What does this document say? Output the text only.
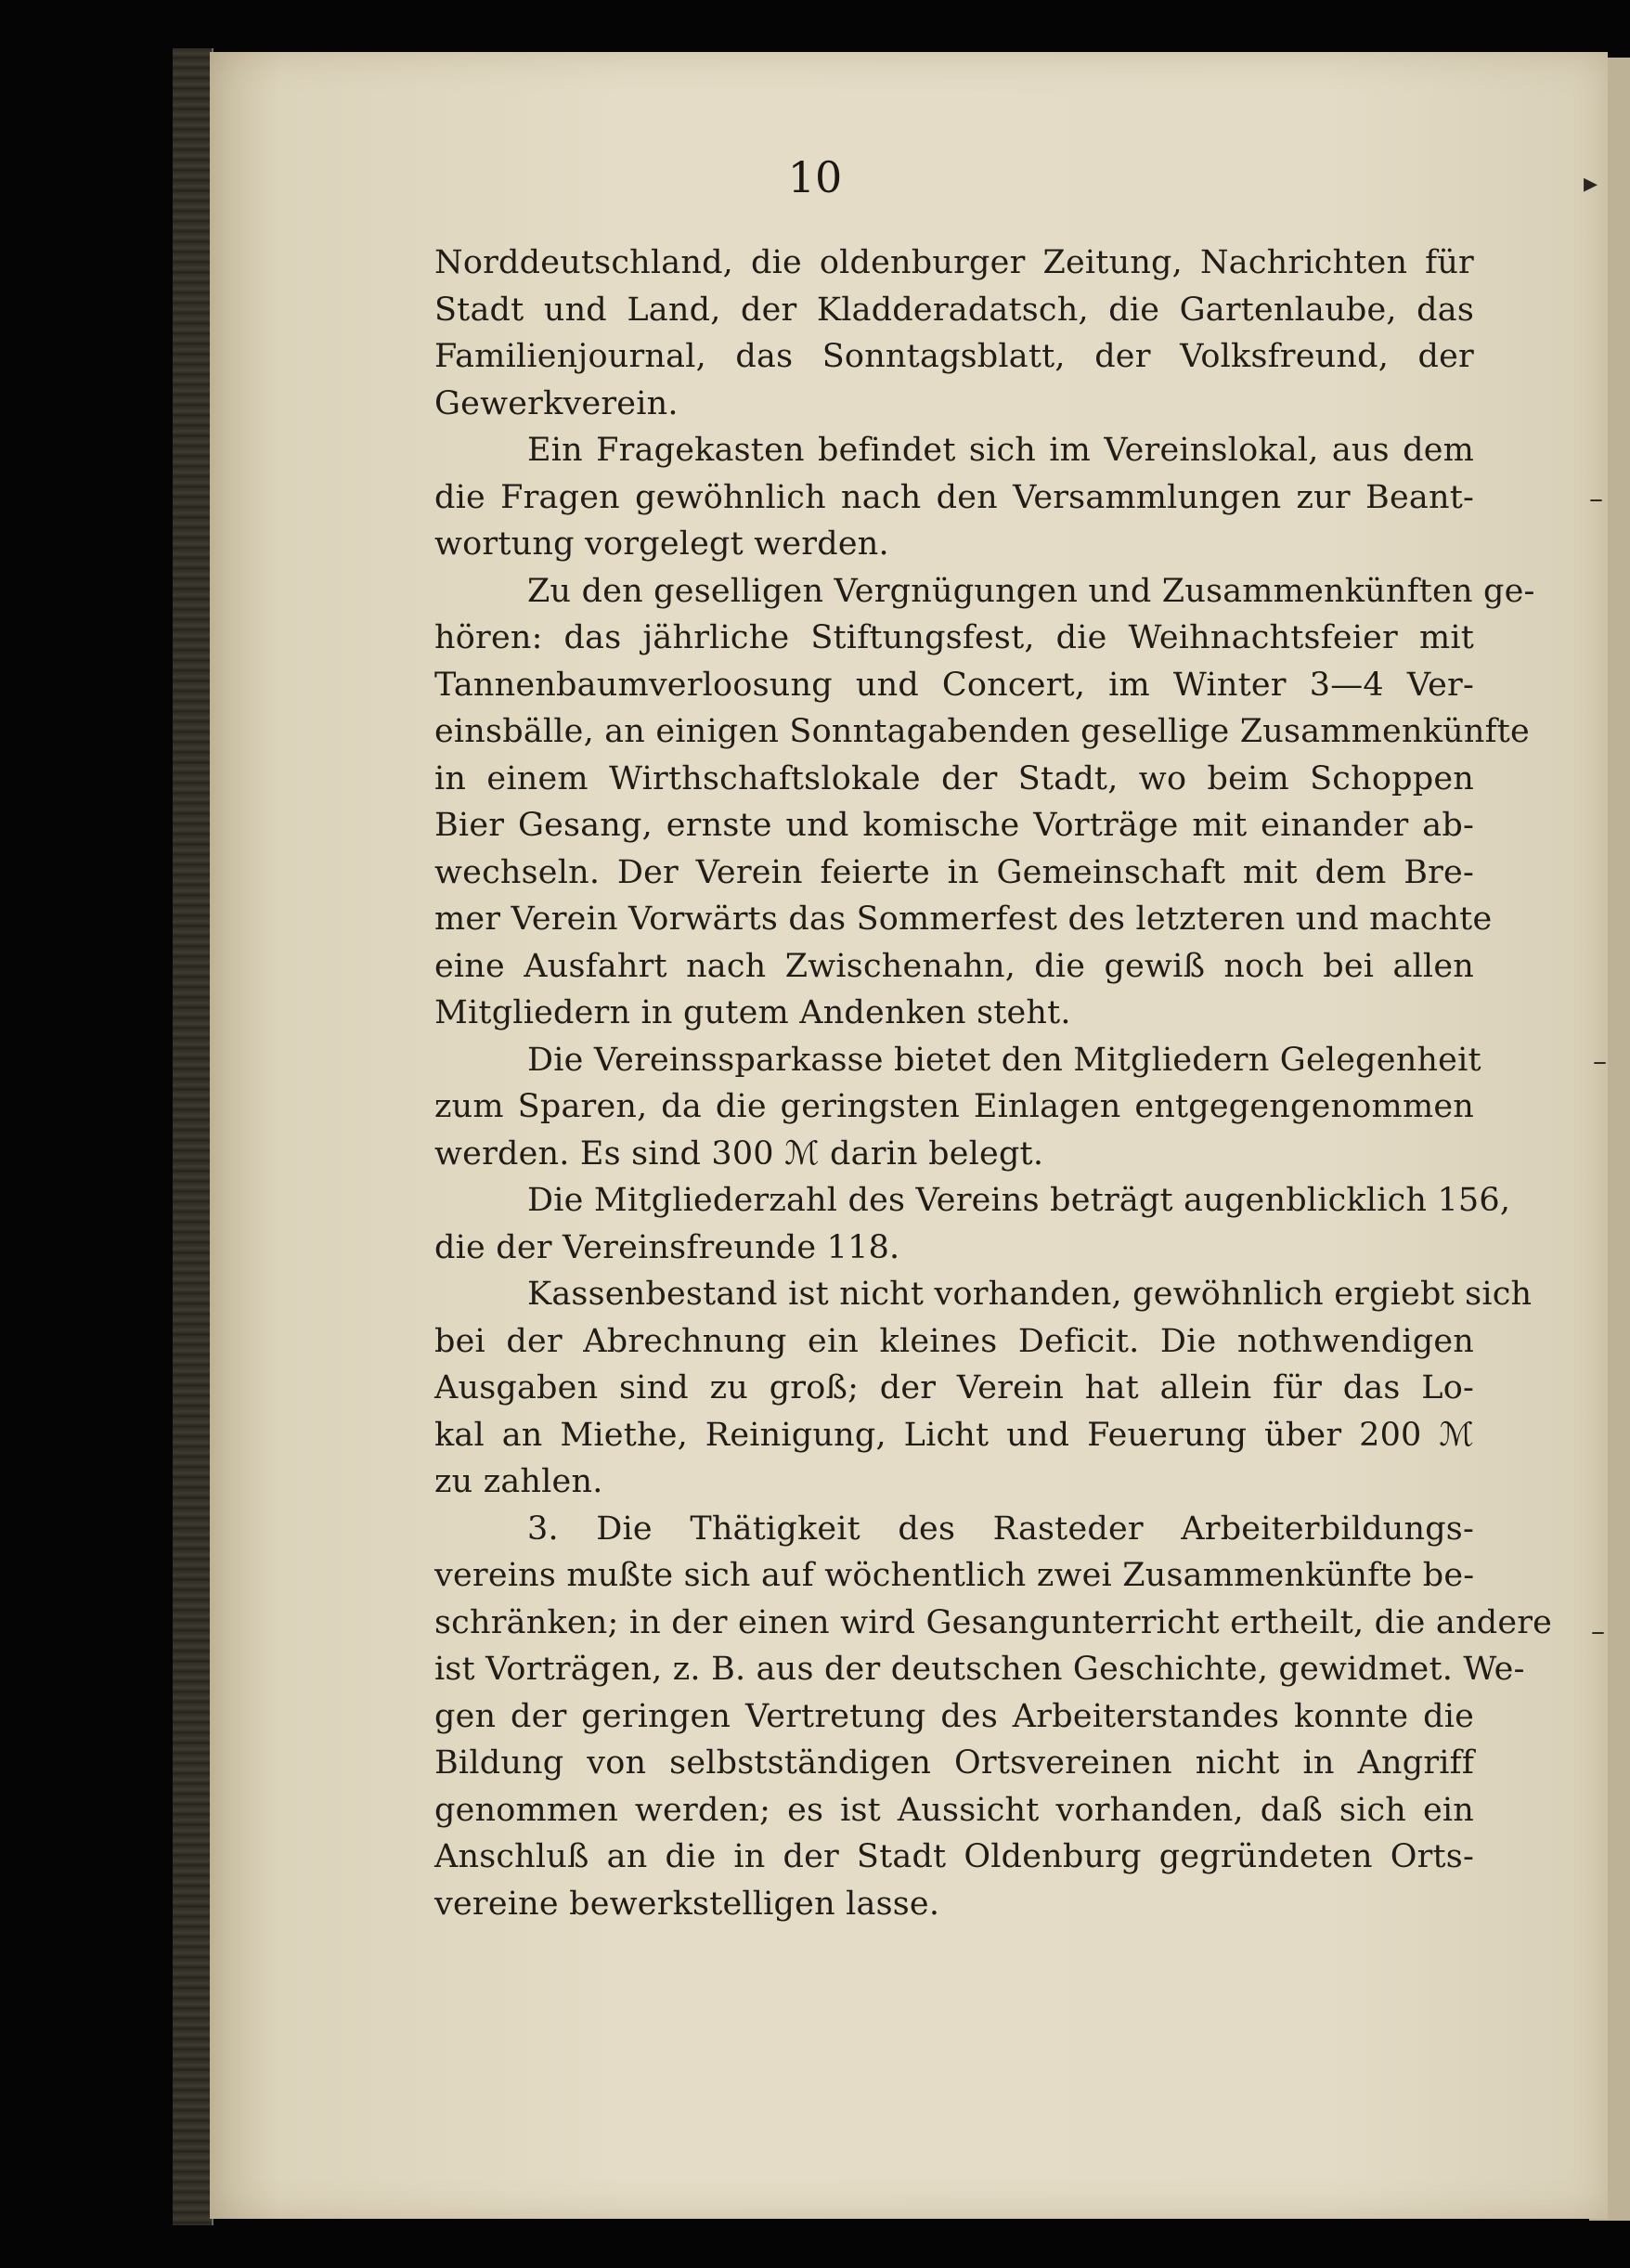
10	▸
–
–
–
Norddeutschland, die oldenburger Zeitung, Nachrichten für
Stadt und Land, der Kladderadatsch, die Gartenlaube, das
Familienjournal, das Sonntagsblatt, der Volksfreund, der
Gewerkverein.
Ein Fragekasten befindet sich im Vereinslokal, aus dem
die Fragen gewöhnlich nach den Versammlungen zur Beant-
wortung vorgelegt werden.
Zu den geselligen Vergnügungen und Zusammenkünften ge-
hören: das jährliche Stiftungsfest, die Weihnachtsfeier mit
Tannenbaumverloosung und Concert, im Winter 3—4 Ver-
einsbälle, an einigen Sonntagabenden gesellige Zusammenkünfte
in einem Wirthschaftslokale der Stadt, wo beim Schoppen
Bier Gesang, ernste und komische Vorträge mit einander ab-
wechseln. Der Verein feierte in Gemeinschaft mit dem Bre-
mer Verein Vorwärts das Sommerfest des letzteren und machte
eine Ausfahrt nach Zwischenahn, die gewiß noch bei allen
Mitgliedern in gutem Andenken steht.
Die Vereinssparkasse bietet den Mitgliedern Gelegenheit
zum Sparen, da die geringsten Einlagen entgegengenommen
werden. Es sind 300 ℳ darin belegt.
Die Mitgliederzahl des Vereins beträgt augenblicklich 156,
die der Vereinsfreunde 118.
Kassenbestand ist nicht vorhanden, gewöhnlich ergiebt sich
bei der Abrechnung ein kleines Deficit. Die nothwendigen
Ausgaben sind zu groß; der Verein hat allein für das Lo-
kal an Miethe, Reinigung, Licht und Feuerung über 200 ℳ
zu zahlen.
3. Die Thätigkeit des Rasteder Arbeiterbildungs-
vereins mußte sich auf wöchentlich zwei Zusammenkünfte be-
schränken; in der einen wird Gesangunterricht ertheilt, die andere
ist Vorträgen, z. B. aus der deutschen Geschichte, gewidmet. We-
gen der geringen Vertretung des Arbeiterstandes konnte die
Bildung von selbstständigen Ortsvereinen nicht in Angriff
genommen werden; es ist Aussicht vorhanden, daß sich ein
Anschluß an die in der Stadt Oldenburg gegründeten Orts-
vereine bewerkstelligen lasse.
